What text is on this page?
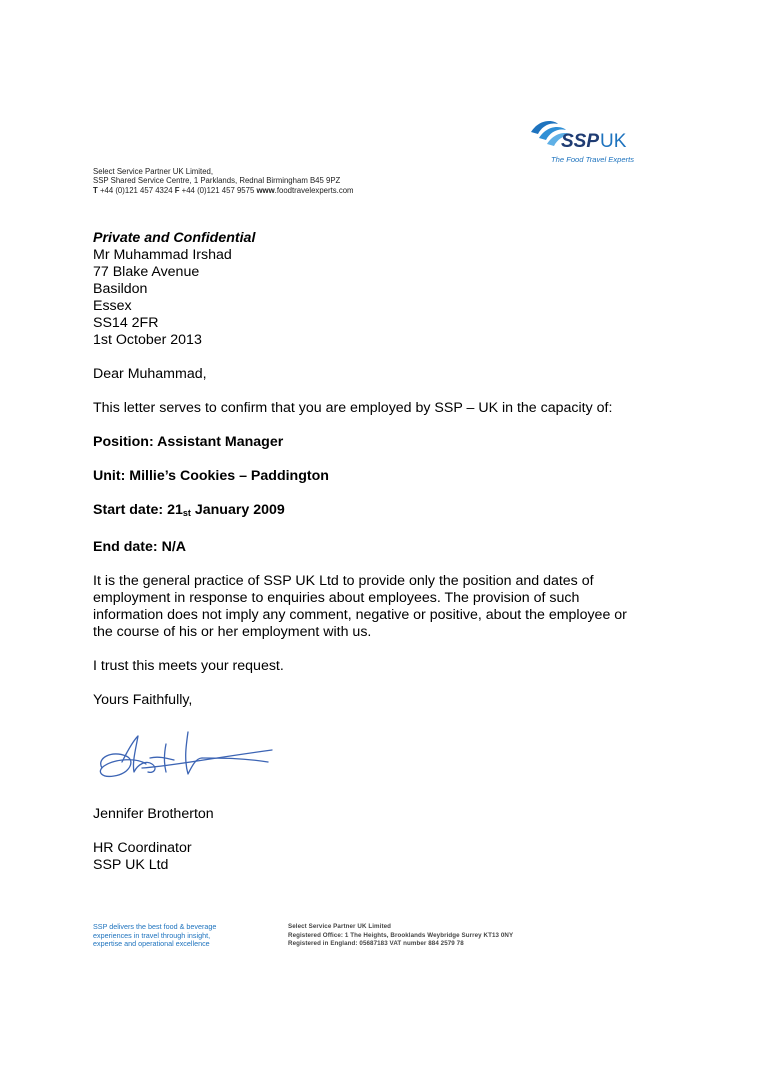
SSP UK
The Food Travel Experts
Select Service Partner UK Limited,
SSP Shared Service Centre, 1 Parklands, Rednal Birmingham B45 9PZ
T +44 (0)121 457 4324 F +44 (0)121 457 9575 www.foodtravelexperts.com

Private and Confidential

Mr Muhammad Irshad

77 Blake Avenue

Basildon

Essex

SS14 2FR

1st October 2013

Dear Muhammad,

This letter serves to confirm that you are employed by SSP – UK in the capacity of:

Position: Assistant Manager

Unit: Millie’s Cookies – Paddington

Start date: $21_{st}$ January 2009

End date: N/A

It is the general practice of SSP UK Ltd to provide only the position and dates of employment in response to enquiries about employees. The provision of such information does not imply any comment, negative or positive, about the employee or the course of his or her employment with us.

I trust this meets your request.

Yours Faithfully,

Jennifer Brotherton

HR Coordinator

SSP UK Ltd

SSP delivers the best food & beverage
experiences in travel through insight,
expertise and operational excellence
Select Service Partner UK Limited
Registered Office: 1 The Heights, Brooklands Weybridge Surrey KT13 0NY
Registered in England: 05687183 VAT number 884 2579 78
